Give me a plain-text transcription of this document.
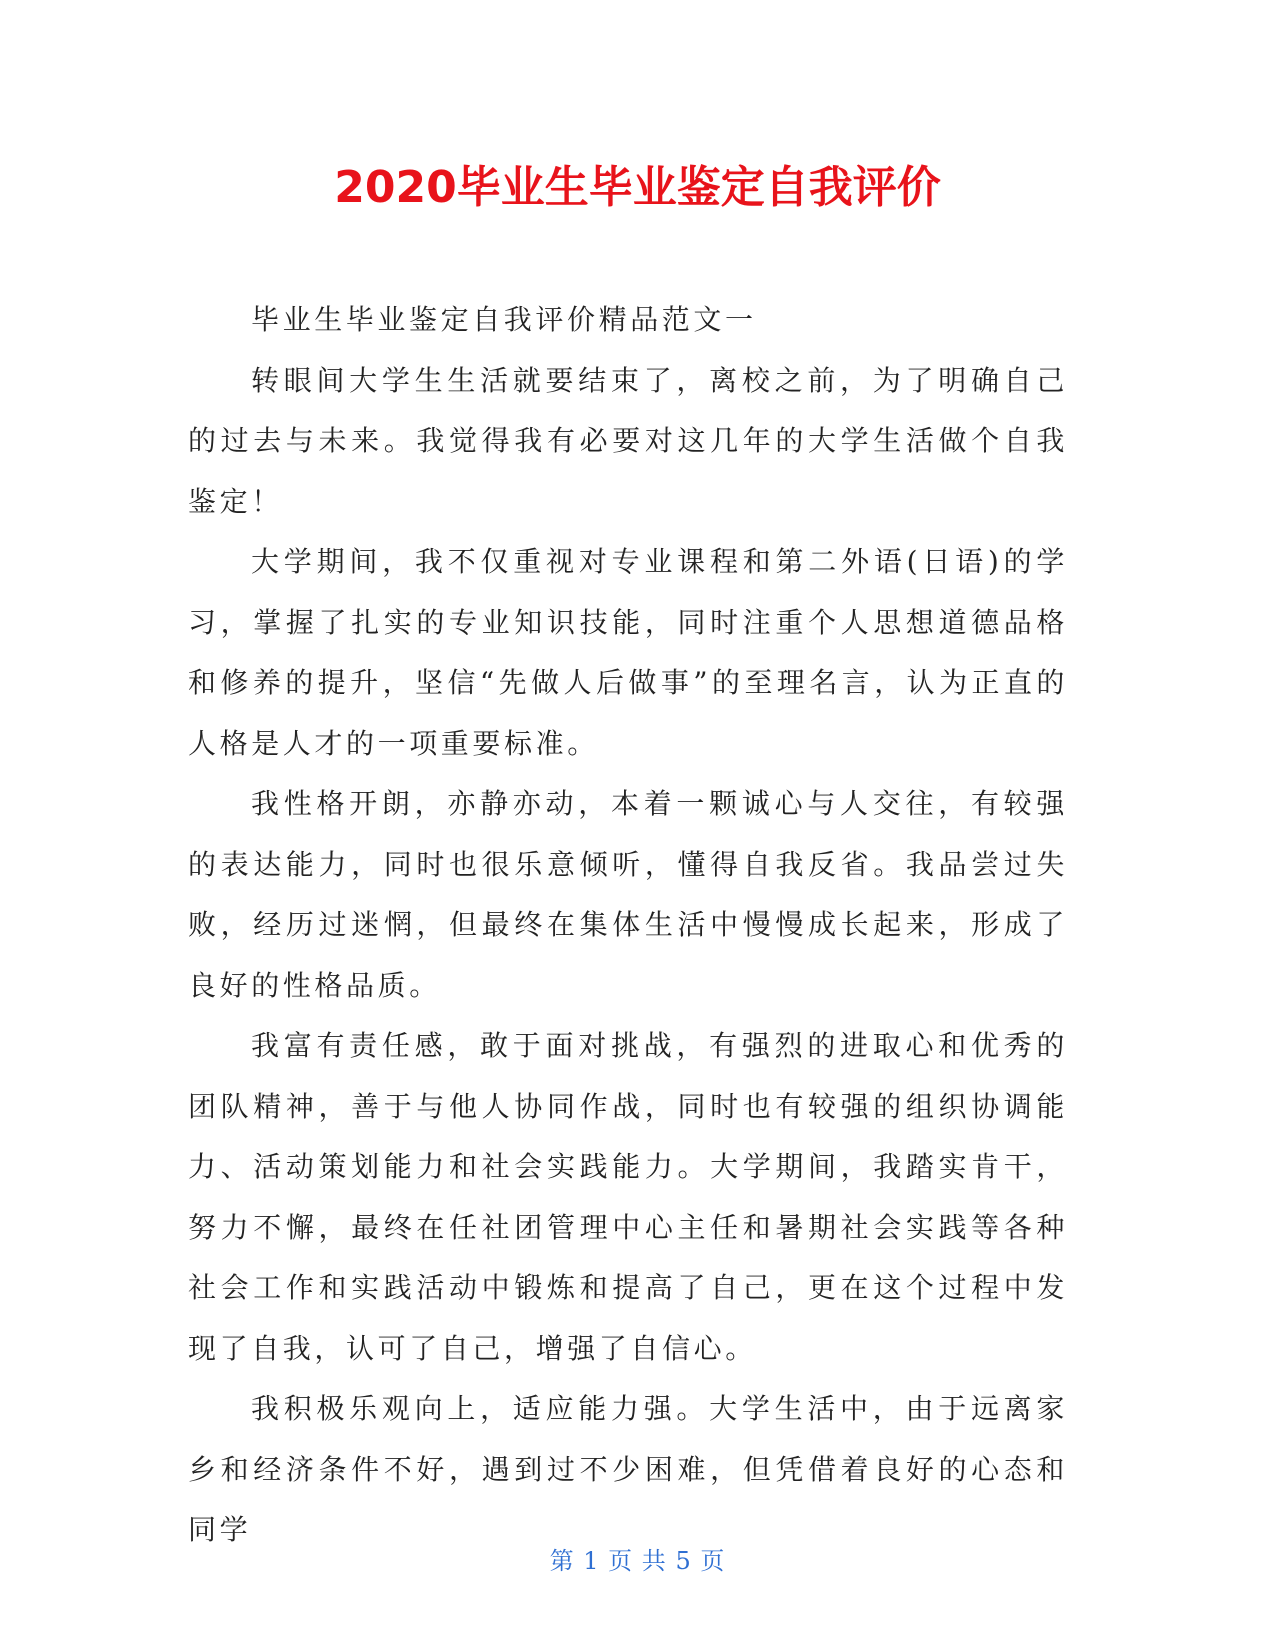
2020毕业生毕业鉴定自我评价

毕业生毕业鉴定自我评价精品范文一

转眼间大学生生活就要结束了，离校之前，为了明确自己的过去与未来。我觉得我有必要对这几年的大学生活做个自我鉴定！

大学期间，我不仅重视对专业课程和第二外语(日语)的学习，掌握了扎实的专业知识技能，同时注重个人思想道德品格和修养的提升，坚信“先做人后做事”的至理名言，认为正直的人格是人才的一项重要标准。

我性格开朗，亦静亦动，本着一颗诚心与人交往，有较强的表达能力，同时也很乐意倾听，懂得自我反省。我品尝过失败，经历过迷惘，但最终在集体生活中慢慢成长起来，形成了良好的性格品质。

我富有责任感，敢于面对挑战，有强烈的进取心和优秀的团队精神，善于与他人协同作战，同时也有较强的组织协调能力、活动策划能力和社会实践能力。大学期间，我踏实肯干，努力不懈，最终在任社团管理中心主任和暑期社会实践等各种社会工作和实践活动中锻炼和提高了自己，更在这个过程中发现了自我，认可了自己，增强了自信心。

我积极乐观向上，适应能力强。大学生活中，由于远离家乡和经济条件不好，遇到过不少困难，但凭借着良好的心态和同学

第 1 页 共 5 页
